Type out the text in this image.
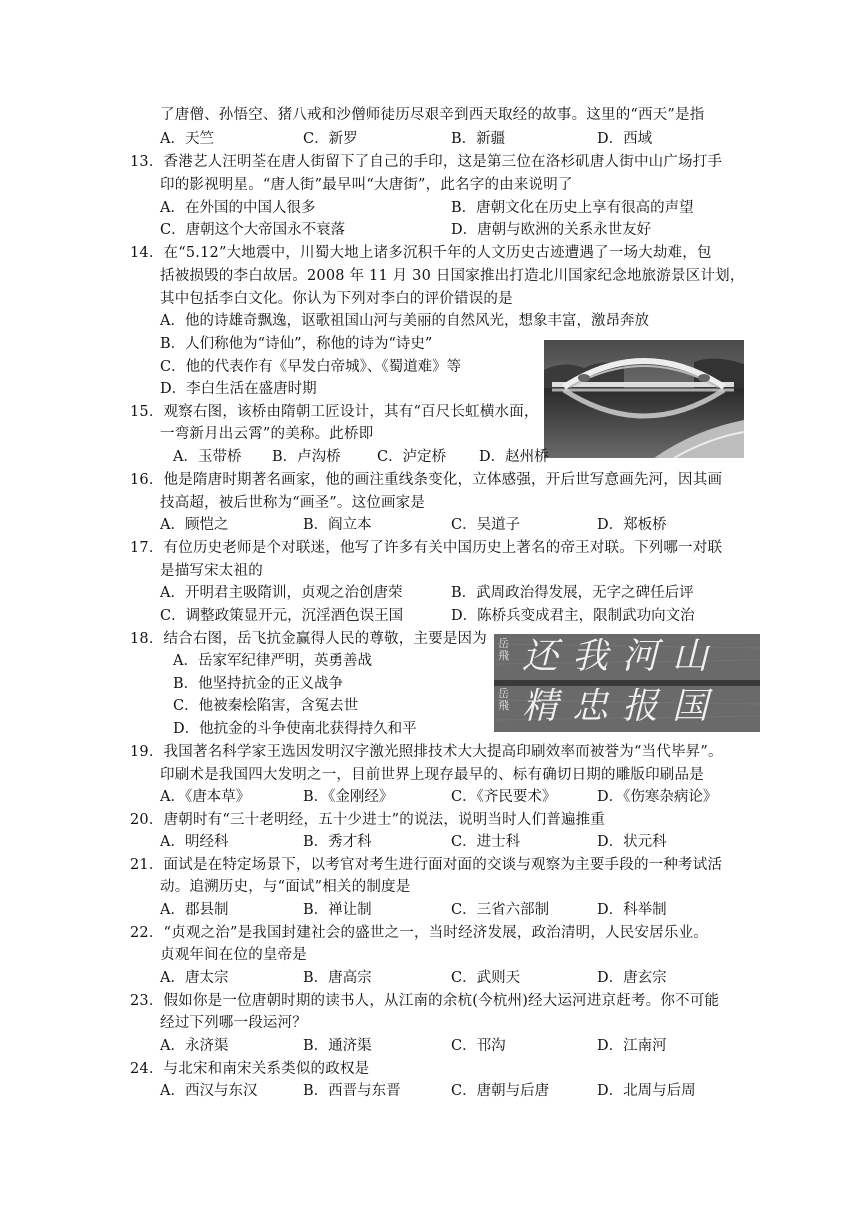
了唐僧、孙悟空、猪八戒和沙僧师徒历尽艰辛到西天取经的故事。这里的“西天”是指
A．天竺	C．新罗	B．新疆	D．西域
13．香港艺人汪明荃在唐人街留下了自己的手印，这是第三位在洛杉矶唐人街中山广场打手
印的影视明星。“唐人街”最早叫“大唐街”，此名字的由来说明了
A．在外国的中国人很多	B．唐朝文化在历史上享有很高的声望
C．唐朝这个大帝国永不衰落	D．唐朝与欧洲的关系永世友好
14．在“5.12”大地震中，川蜀大地上诸多沉积千年的人文历史古迹遭遇了一场大劫难，包
括被损毁的李白故居。2008 年 11 月 30 日国家推出打造北川国家纪念地旅游景区计划，
其中包括李白文化。你认为下列对李白的评价错误的是
A．他的诗雄奇飘逸，讴歌祖国山河与美丽的自然风光，想象丰富，激昂奔放
B．人们称他为“诗仙”，称他的诗为“诗史”
C．他的代表作有《早发白帝城》、《蜀道难》等
D．李白生活在盛唐时期
15．观察右图，该桥由隋朝工匠设计，其有“百尺长虹横水面，
一弯新月出云霄”的美称。此桥即
A．玉带桥 B．卢沟桥	C．泸定桥 D．赵州桥
16．他是隋唐时期著名画家，他的画注重线条变化，立体感强，开后世写意画先河，因其画
技高超，被后世称为“画圣”。这位画家是
A．顾恺之	B．阎立本	C．吴道子	D．郑板桥
17．有位历史老师是个对联迷，他写了许多有关中国历史上著名的帝王对联。下列哪一对联
是描写宋太祖的
A．开明君主吸隋训，贞观之治创唐荣	B．武周政治得发展，无字之碑任后评
C．调整政策显开元，沉淫酒色误王国	D．陈桥兵变成君主，限制武功向文治
18．结合右图，岳飞抗金赢得人民的尊敬，主要是因为
A．岳家军纪律严明，英勇善战
B．他坚持抗金的正义战争
C．他被秦桧陷害，含冤去世
D．他抗金的斗争使南北获得持久和平
岳飛
岳飛
还我河山
精忠报国
19．我国著名科学家王选因发明汉字激光照排技术大大提高印刷效率而被誉为“当代毕昇”。
印刷术是我国四大发明之一，目前世界上现存最早的、标有确切日期的雕版印刷品是
A．《唐本草》	B．《金刚经》	C．《齐民要术》	D．《伤寒杂病论》
20．唐朝时有“三十老明经，五十少进士”的说法，说明当时人们普遍推重
A．明经科	B．秀才科	C．进士科	D．状元科
21．面试是在特定场景下，以考官对考生进行面对面的交谈与观察为主要手段的一种考试活
动。追溯历史，与“面试”相关的制度是
A．郡县制	B．禅让制	C．三省六部制	D．科举制
22．“贞观之治”是我国封建社会的盛世之一，当时经济发展，政治清明，人民安居乐业。
贞观年间在位的皇帝是
A．唐太宗	B．唐高宗	C．武则天	D．唐玄宗
23．假如你是一位唐朝时期的读书人，从江南的余杭(今杭州)经大运河进京赶考。你不可能
经过下列哪一段运河？
A．永济渠	B．通济渠	C．邗沟	D．江南河
24．与北宋和南宋关系类似的政权是
A．西汉与东汉	B．西晋与东晋	C．唐朝与后唐	D．北周与后周
